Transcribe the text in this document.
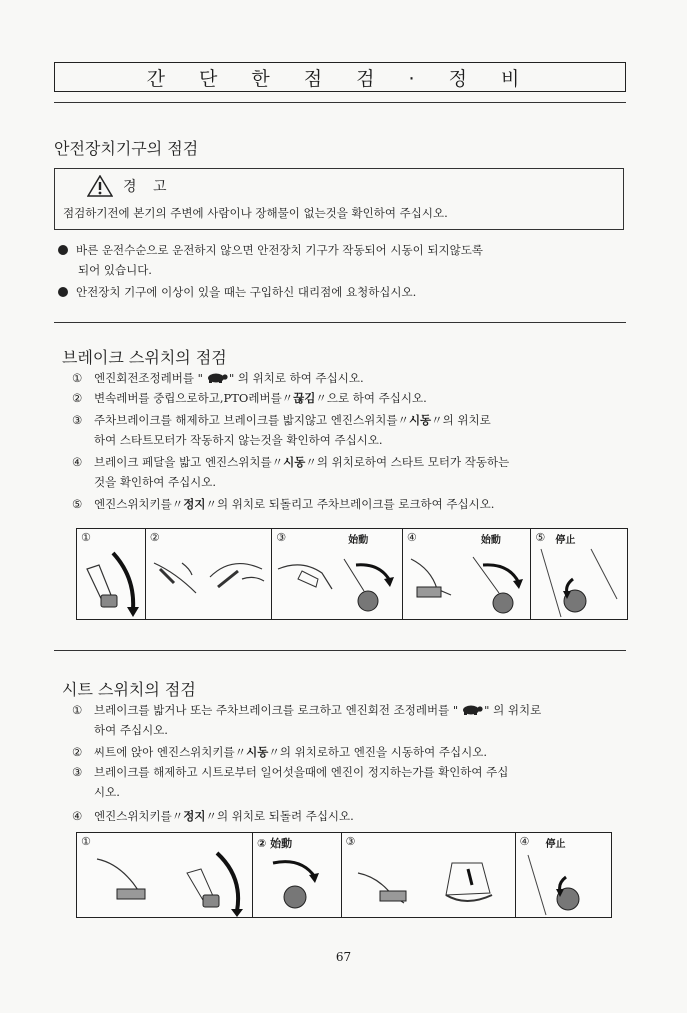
간 단 한 점 검 · 정 비
안전장치기구의 점검
경 고
점검하기전에 본기의 주변에 사람이나 장해물이 없는것을 확인하여 주십시오.
바른 운전수순으로 운전하지 않으면 안전장치 기구가 작동되어 시동이 되지않도록
되어 있습니다.
안전장치 기구에 이상이 있을 때는 구입하신 대리점에 요청하십시오.
브레이크 스위치의 점검
① 엔진회전조정레버를 " " 의 위치로 하여 주십시오.
② 변속레버를 중립으로하고,PTO레버를〃끊김〃으로 하여 주십시오.
③ 주차브레이크를 해제하고 브레이크를 밟지않고 엔진스위치를〃시동〃의 위치로
하여 스타트모터가 작동하지 않는것을 확인하여 주십시오.
④ 브레이크 페달을 밟고 엔진스위치를〃시동〃의 위치로하여 스타트 모터가 작동하는
것을 확인하여 주십시오.
⑤ 엔진스위치키를〃정지〃의 위치로 되돌리고 주차브레이크를 로크하여 주십시오.
①	②	③	始動	④	始動	⑤ 停止
시트 스위치의 점검
① 브레이크를 밟거나 또는 주차브레이크를 로크하고 엔진회전 조정레버를 " " 의 위치로
하여 주십시오.
② 씨트에 앉아 엔진스위치키를〃시동〃의 위치로하고 엔진을 시동하여 주십시오.
③ 브레이크를 해제하고 시트로부터 일어섯을때에 엔진이 정지하는가를 확인하여 주십
시오.
④ 엔진스위치키를〃정지〃의 위치로 되돌려 주십시오.
①	② 始動	③	④ 停止
67
